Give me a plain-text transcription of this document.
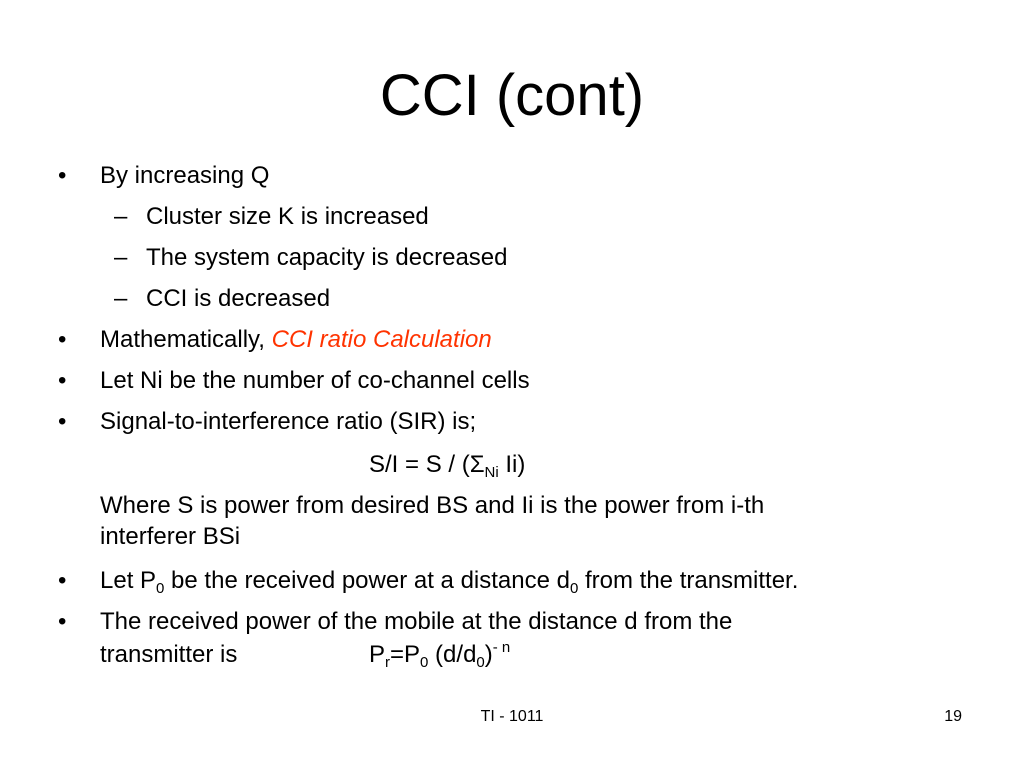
CCI (cont)
•	By increasing Q
– Cluster size K is increased
– The system capacity is decreased
– CCI is decreased
•	Mathematically, CCI ratio Calculation
•	Let Ni be the number of co-channel cells
•	Signal-to-interference ratio (SIR) is;
$S/I = S / (\Sigma_{Ni}$ Ii)
Where S is power from desired BS and Ii is the power from i-th
interferer BSi
•	Let $P_0$ be the received power at a distance $d_0$ from the transmitter.
•	The received power of the mobile at the distance d from the
transmitter is	$P_r=P_0$ $(d/d_0)^{- n}$
TI - 1011	19
